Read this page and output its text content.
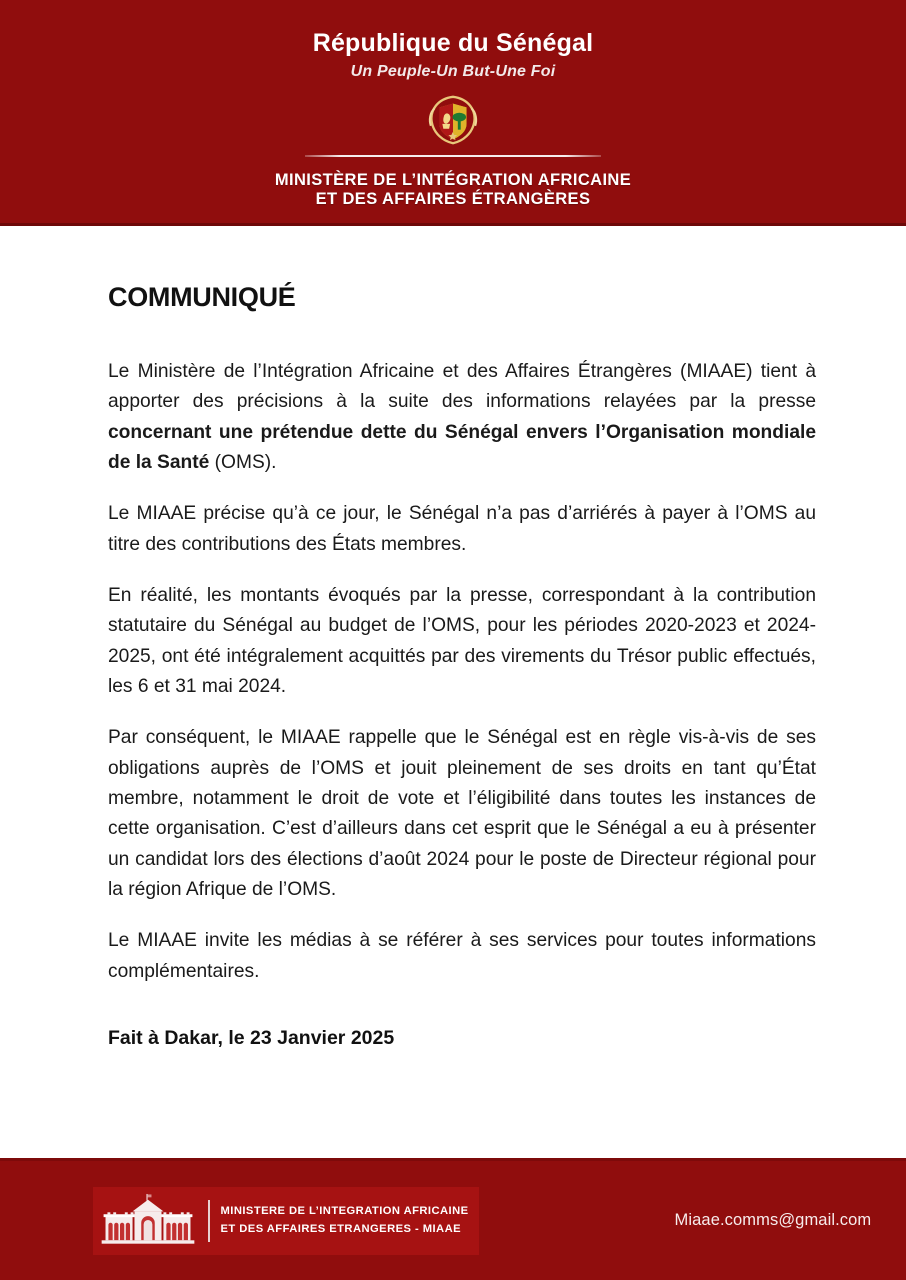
République du Sénégal
Un Peuple-Un But-Une Foi
MINISTÈRE DE L’INTÉGRATION AFRICAINE
ET DES AFFAIRES ÉTRANGÈRES
COMMUNIQUÉ
Le Ministère de l’Intégration Africaine et des Affaires Étrangères (MIAAE) tient à apporter des précisions à la suite des informations relayées par la presse concernant une prétendue dette du Sénégal envers l’Organisation mondiale de la Santé (OMS).
Le MIAAE précise qu’à ce jour, le Sénégal n’a pas d’arriérés à payer à l’OMS au titre des contributions des États membres.
En réalité, les montants évoqués par la presse, correspondant à la contribution statutaire du Sénégal au budget de l’OMS, pour les périodes 2020-2023 et 2024-2025, ont été intégralement acquittés par des virements du Trésor public effectués, les 6 et 31 mai 2024.
Par conséquent, le MIAAE rappelle que le Sénégal est en règle vis-à-vis de ses obligations auprès de l’OMS et jouit pleinement de ses droits en tant qu’État membre, notamment le droit de vote et l’éligibilité dans toutes les instances de cette organisation. C’est d’ailleurs dans cet esprit que le Sénégal a eu à présenter un candidat lors des élections d’août 2024 pour le poste de Directeur régional pour la région Afrique de l’OMS.
Le MIAAE invite les médias à se référer à ses services pour toutes informations complémentaires.
Fait à Dakar, le 23 Janvier 2025
MINISTERE DE L’INTEGRATION AFRICAINE
ET DES AFFAIRES ETRANGERES - MIAAE	Miaae.comms@gmail.com
